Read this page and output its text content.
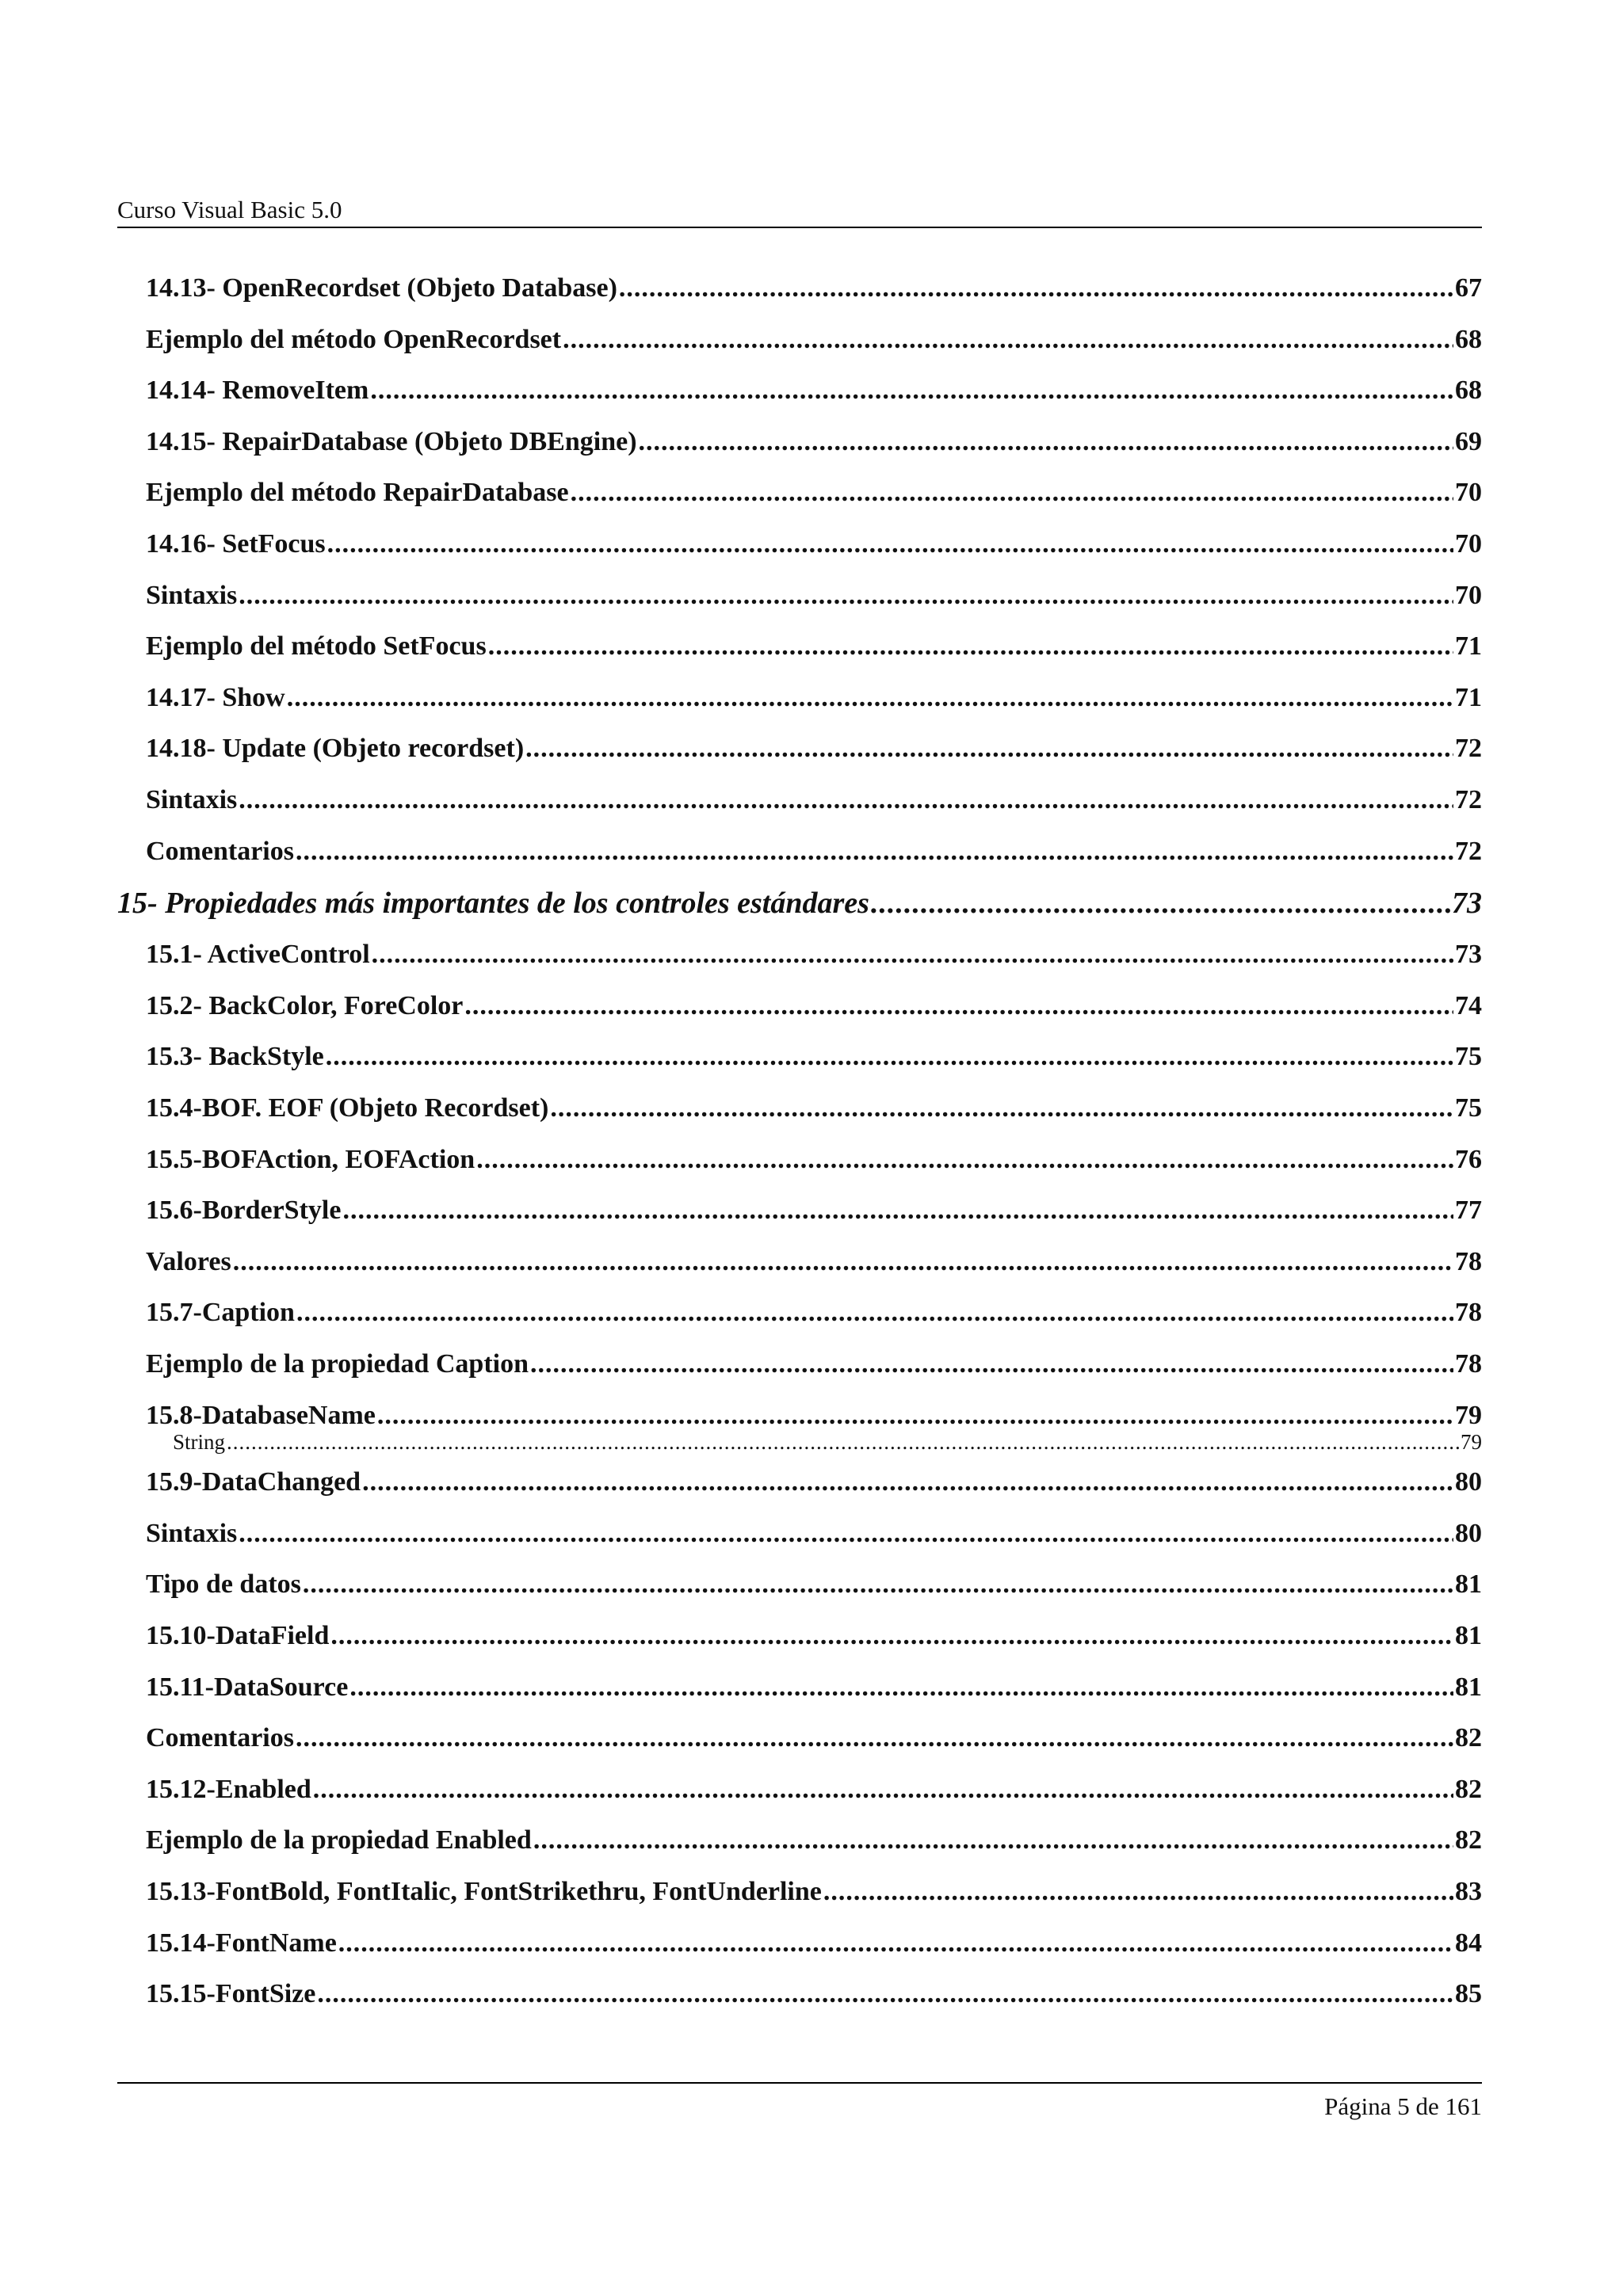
Curso Visual Basic 5.0
14.13- OpenRecordset (Objeto Database) .....	67
Ejemplo del método OpenRecordset .....	68
14.14- RemoveItem .....	68
14.15- RepairDatabase (Objeto DBEngine) .....	69
Ejemplo del método RepairDatabase .....	70
14.16- SetFocus .....	70
Sintaxis .....	70
Ejemplo del método SetFocus .....	71
14.17- Show .....	71
14.18- Update (Objeto recordset) .....	72
Sintaxis .....	72
Comentarios .....	72
15- Propiedades más importantes de los controles estándares .....	73
15.1- ActiveControl .....	73
15.2- BackColor, ForeColor .....	74
15.3- BackStyle .....	75
15.4-BOF. EOF (Objeto Recordset) .....	75
15.5-BOFAction, EOFAction .....	76
15.6-BorderStyle .....	77
Valores .....	78
15.7-Caption .....	78
Ejemplo de la propiedad Caption .....	78
15.8-DatabaseName .....	79
String .....	79
15.9-DataChanged .....	80
Sintaxis .....	80
Tipo de datos .....	81
15.10-DataField .....	81
15.11-DataSource .....	81
Comentarios .....	82
15.12-Enabled .....	82
Ejemplo de la propiedad Enabled .....	82
15.13-FontBold, FontItalic, FontStrikethru, FontUnderline .....	83
15.14-FontName .....	84
15.15-FontSize .....	85
Página 5 de 161
